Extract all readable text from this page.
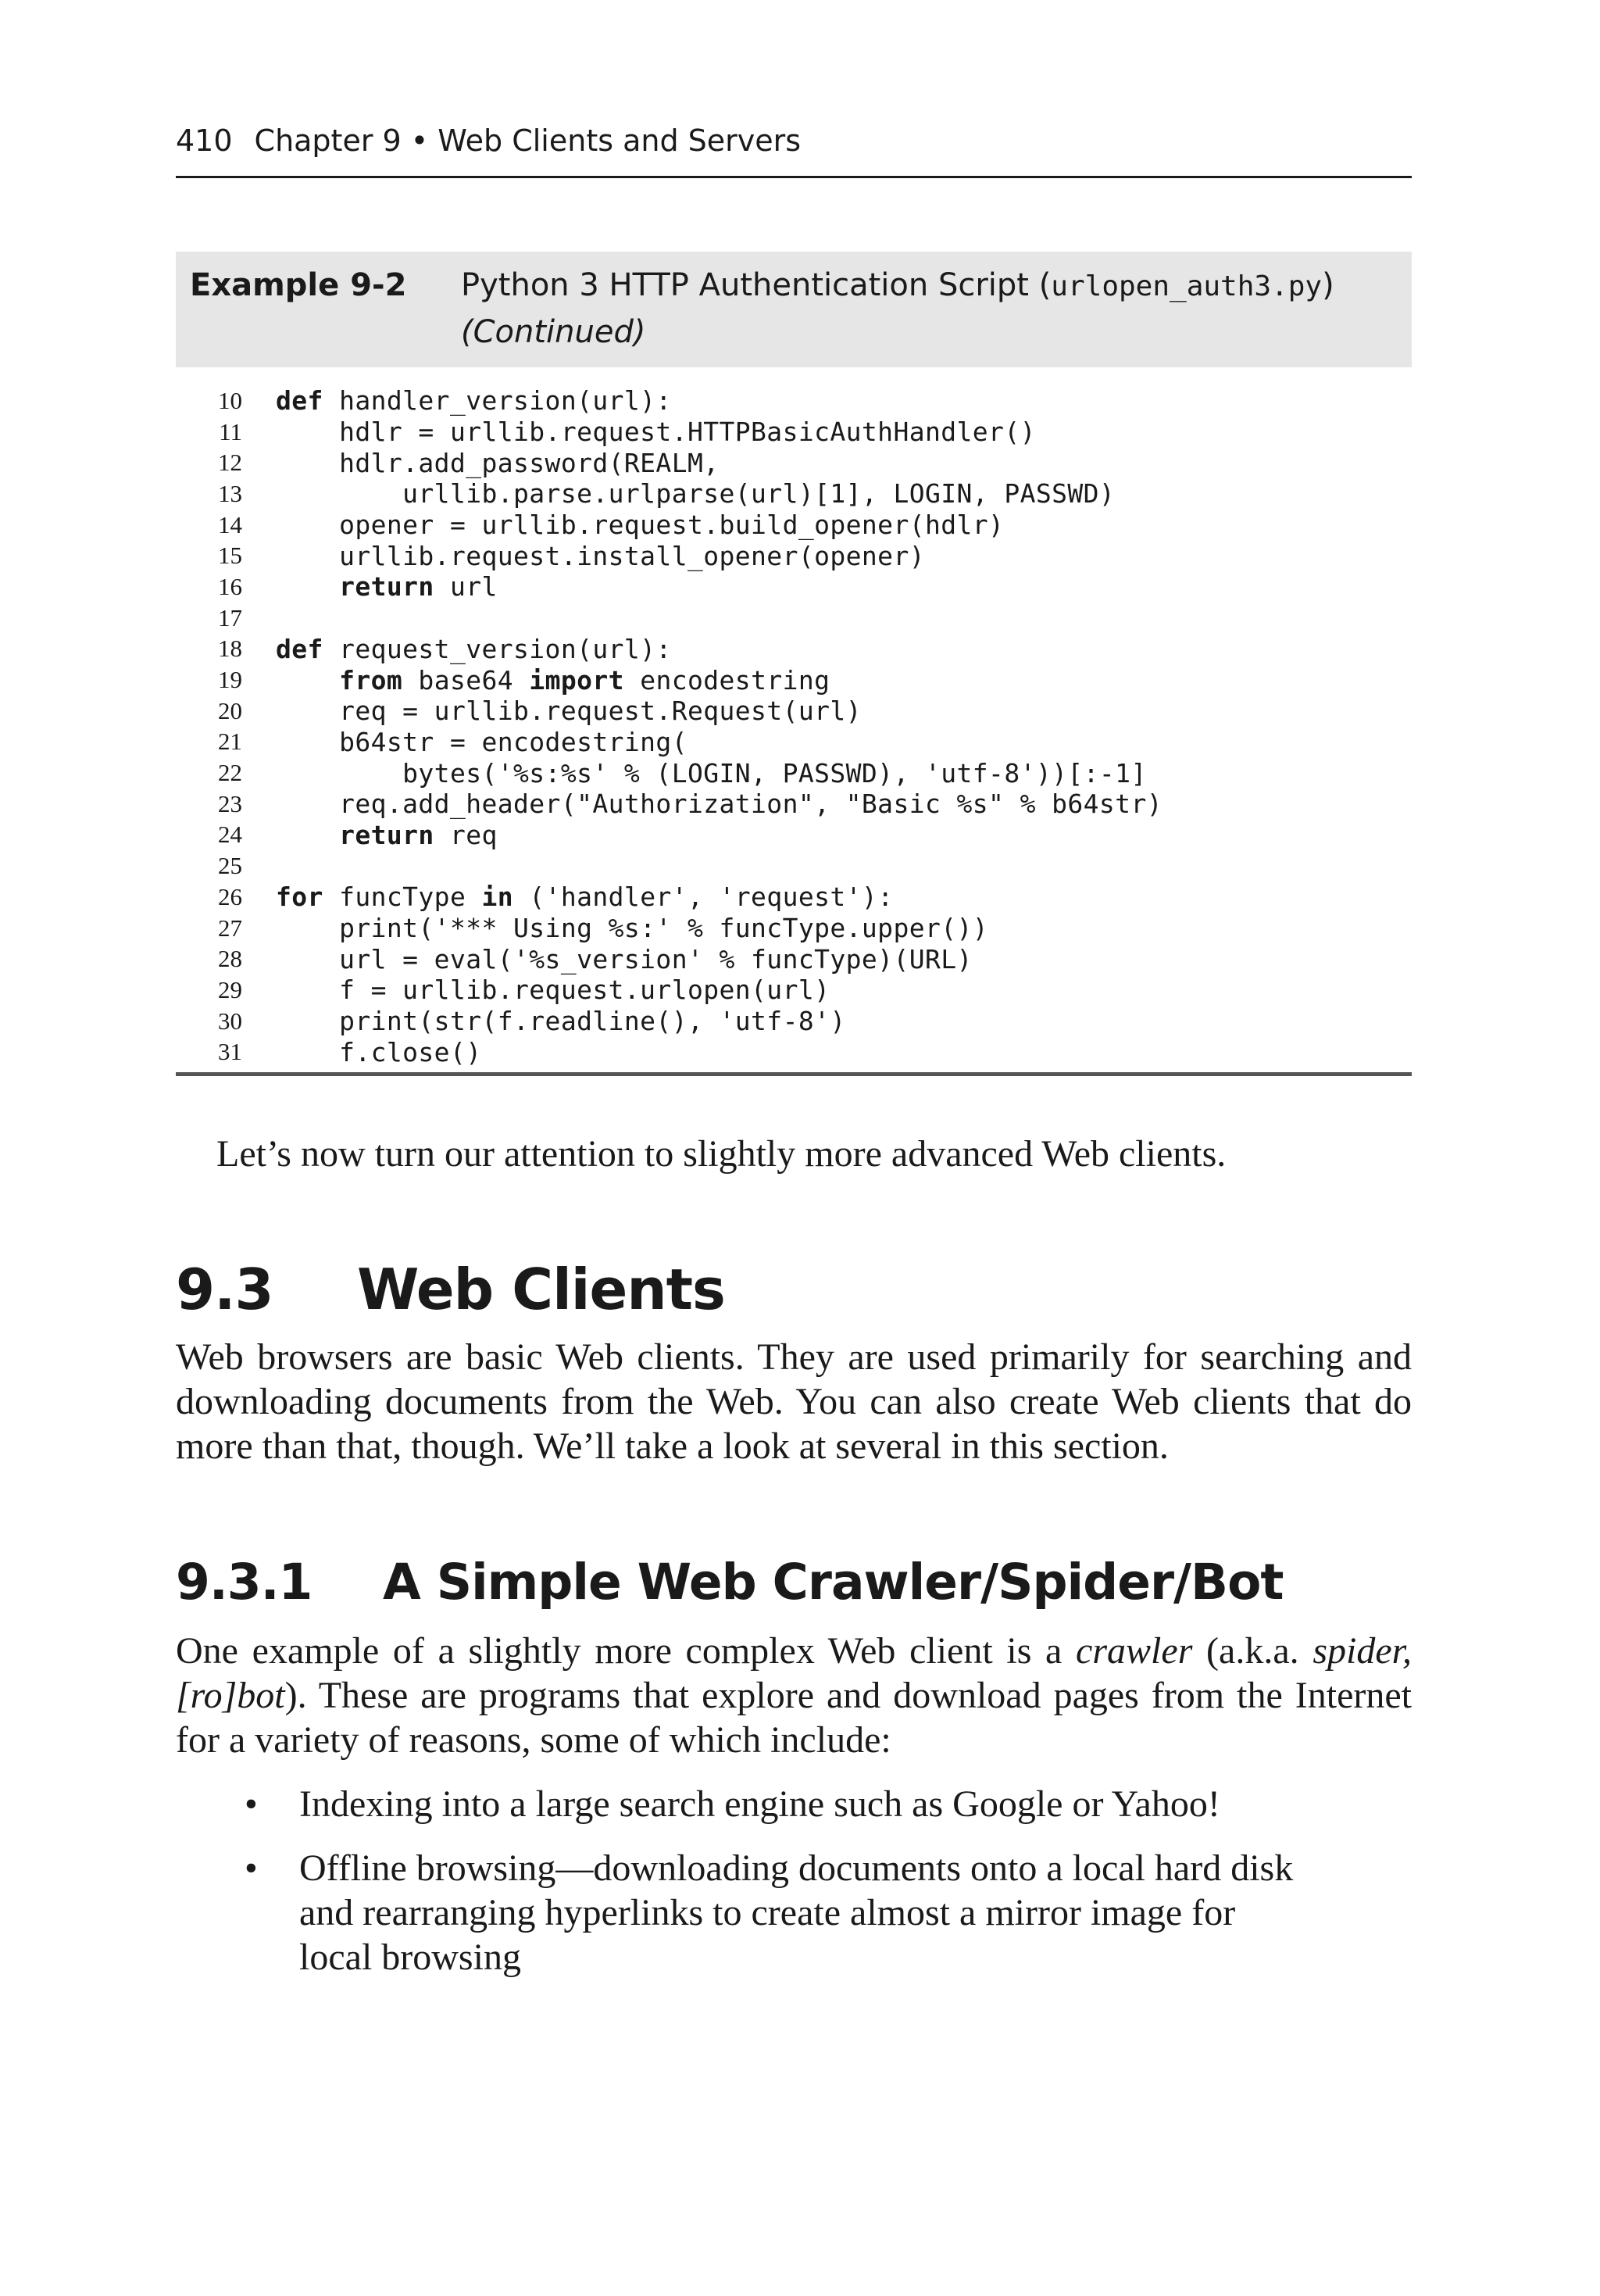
410 Chapter 9 • Web Clients and Servers
Example 9-2 Python 3 HTTP Authentication Script (urlopen_auth3.py)
(Continued)
10 def handler_version(url):
11 hdlr = urllib.request.HTTPBasicAuthHandler()
12 hdlr.add_password(REALM,
13 urllib.parse.urlparse(url)[1], LOGIN, PASSWD)
14 opener = urllib.request.build_opener(hdlr)
15 urllib.request.install_opener(opener)
16	return url
17
18 def request_version(url):
19	from base64 import encodestring
20 req = urllib.request.Request(url)
21 b64str = encodestring(
22 bytes('%s:%s' % (LOGIN, PASSWD), 'utf-8'))[:-1]
23 req.add_header("Authorization", "Basic %s" % b64str)
24	return req
25
26 for funcType in ('handler', 'request'):
27 print('*** Using %s:' % funcType.upper())
28 url = eval('%s_version' % funcType)(URL)
29 f = urllib.request.urlopen(url)
30 print(str(f.readline(), 'utf-8')
31 f.close()
Let’s now turn our attention to slightly more advanced Web clients.
9.3 Web Clients
Web browsers are basic Web clients. They are used primarily for searching and downloading documents from the Web. You can also create Web clients that do more than that, though. We’ll take a look at several in this section.
9.3.1 A Simple Web Crawler/Spider/Bot
One example of a slightly more complex Web client is a crawler (a.k.a. spider, [ro]bot). These are programs that explore and download pages from the Internet for a variety of reasons, some of which include:
• Indexing into a large search engine such as Google or Yahoo!
• Offline browsing—downloading documents onto a local hard disk and rearranging hyperlinks to create almost a mirror image for local browsing
